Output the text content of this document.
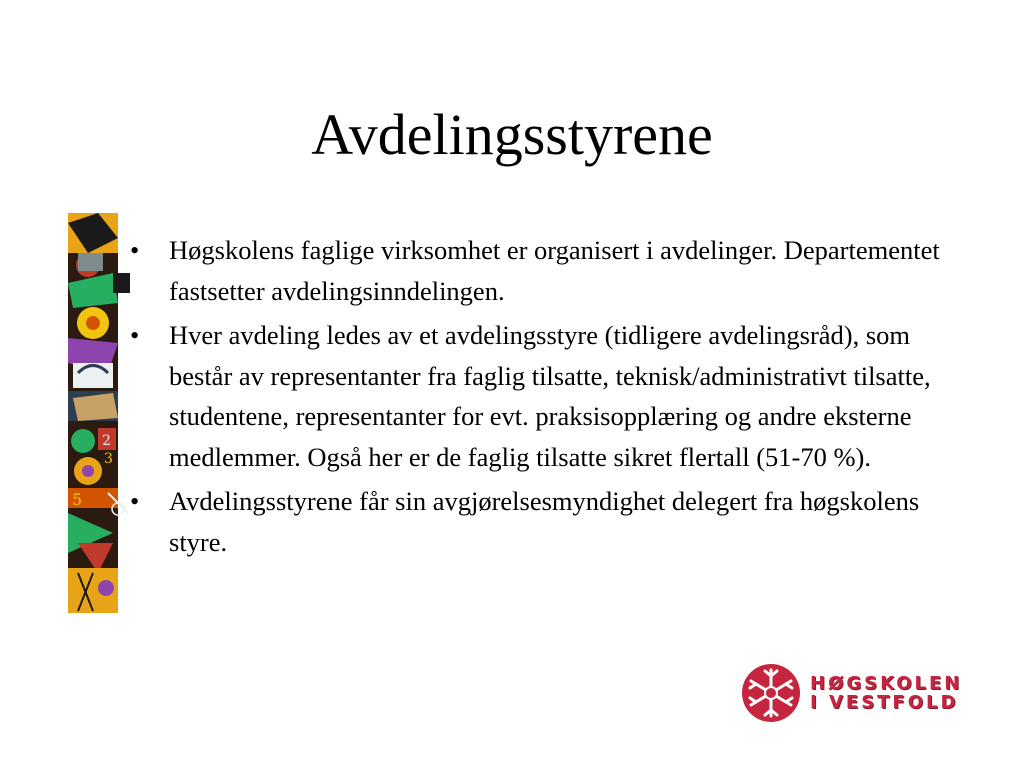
Avdelingsstyrene
2
3
5
•	Høgskolens faglige virksomhet er organisert i avdelinger. Departementet fastsetter avdelingsinndelingen.
•	Hver avdeling ledes av et avdelingsstyre (tidligere avdelingsråd), som består av representanter fra faglig tilsatte, teknisk/administrativt tilsatte, studentene, representanter for evt. praksisopplæring og andre eksterne medlemmer. Også her er de faglig tilsatte sikret flertall (51-70 %).
•	Avdelingsstyrene får sin avgjørelsesmyndighet delegert fra høgskolens styre.
HØGSKOLEN
I VESTFOLD
